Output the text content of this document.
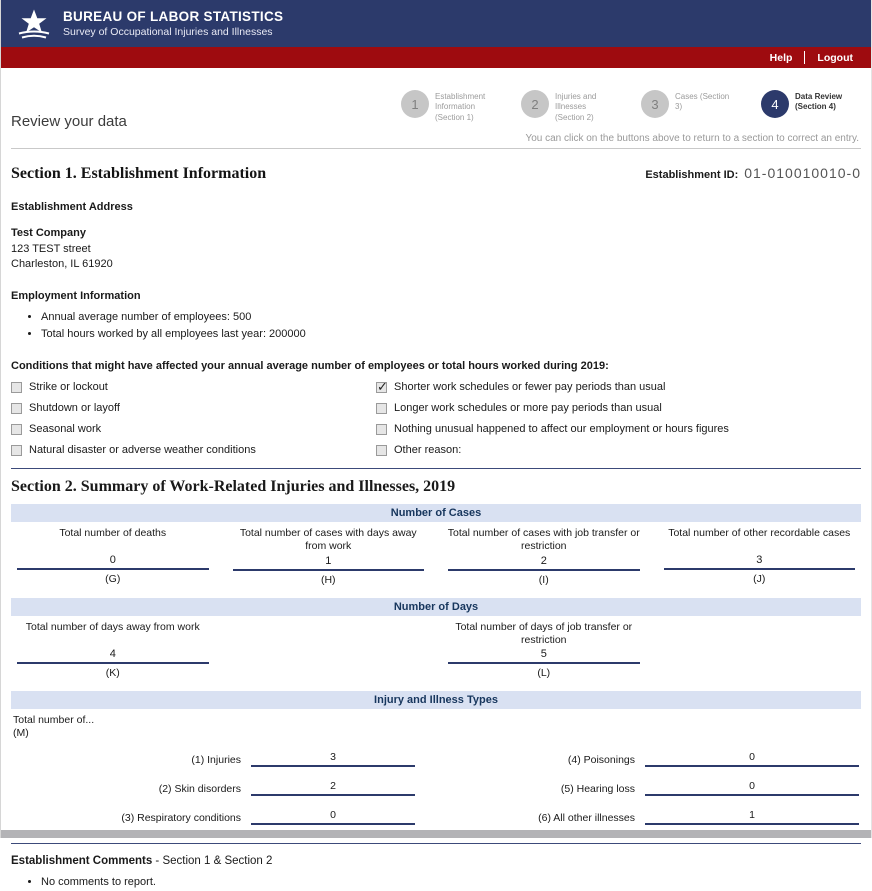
BUREAU OF LABOR STATISTICS
Survey of Occupational Injuries and Illnesses
Help Logout
Review your data
1	Establishment Information (Section 1)
2	Injuries and Illnesses (Section 2)
3	Cases (Section 3)	4	Data Review (Section 4)
You can click on the buttons above to return to a section to correct an entry.
Section 1. Establishment Information	Establishment ID: 01-010010010-0
Establishment Address
Test Company
123 TEST street
Charleston, IL 61920
Employment Information
• Annual average number of employees: 500
• Total hours worked by all employees last year: 200000
Conditions that might have affected your annual average number of employees or total hours worked during 2019:
Strike or lockout
Shutdown or layoff
Seasonal work
Natural disaster or adverse weather conditions
✓
Shorter work schedules or fewer pay periods than usual
Longer work schedules or more pay periods than usual
Nothing unusual happened to affect our employment or hours figures
Other reason:
Section 2. Summary of Work-Related Injuries and Illnesses, 2019
Number of Cases
Total number of deaths
0
(G)
Total number of cases with days away from work
1
(H)
Total number of cases with job transfer or restriction
2
(I)
Total number of other recordable cases
3
(J)
Number of Days
Total number of days away from work
4
(K)
Total number of days of job transfer or restriction
5
(L)
Injury and Illness Types
Total number of...
(M)
(1) Injuries	3
(2) Skin disorders	2
(3) Respiratory conditions	0
(4) Poisonings	0
(5) Hearing loss	0
(6) All other illnesses	1
Establishment Comments - Section 1 & Section 2
• No comments to report.
